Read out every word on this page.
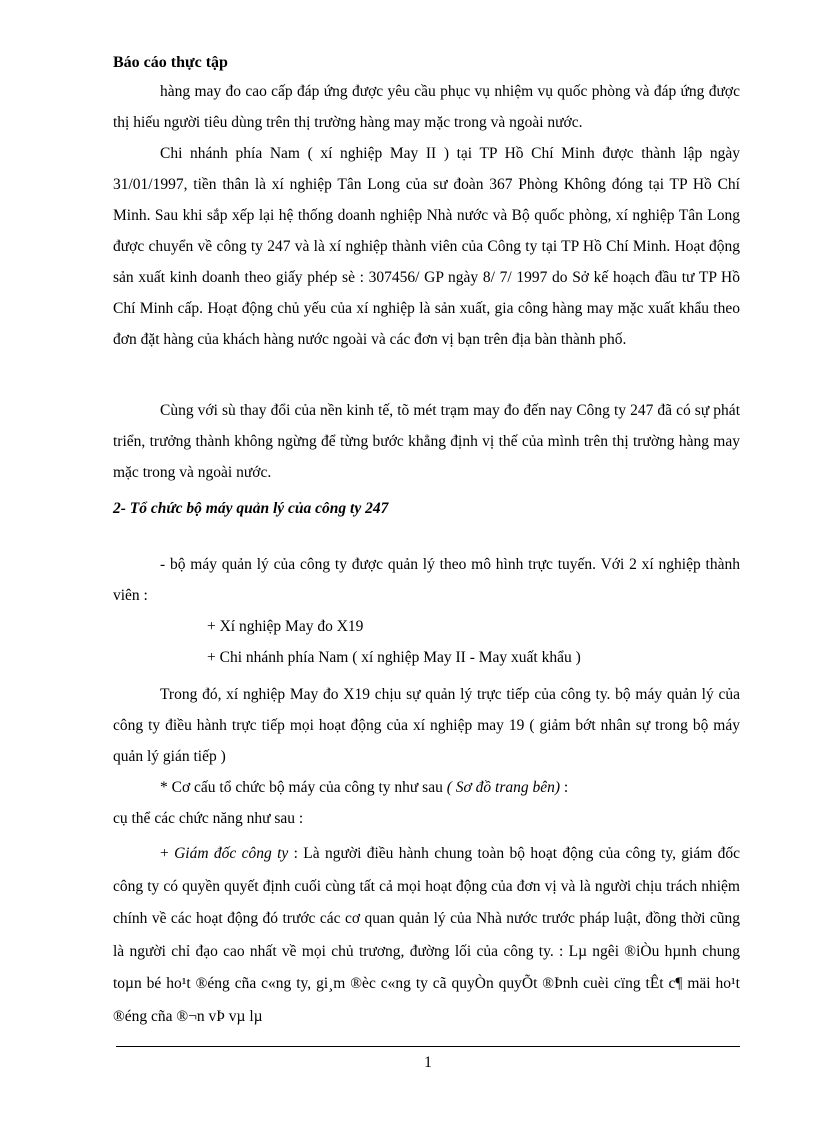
Báo cáo thực tập

hàng may đo cao cấp đáp ứng được yêu cầu phục vụ nhiệm vụ quốc phòng và đáp ứng được thị hiếu người tiêu dùng trên thị trường hàng may mặc trong và ngoài nước.

Chi nhánh phía Nam ( xí nghiệp May II ) tại TP Hồ Chí Minh được thành lập ngày 31/01/1997, tiền thân là xí nghiệp Tân Long của sư đoàn 367 Phòng Không đóng tại TP Hồ Chí Minh. Sau khi sắp xếp lại hệ thống doanh nghiệp Nhà nước và Bộ quốc phòng, xí nghiệp Tân Long được chuyển về công ty 247 và là xí nghiệp thành viên của Công ty tại TP Hồ Chí Minh. Hoạt động sản xuất kinh doanh theo giấy phép sè : 307456/ GP ngày 8/ 7/ 1997 do Sở kế hoạch đầu tư TP Hồ Chí Minh cấp. Hoạt động chủ yếu của xí nghiệp là sản xuất, gia công hàng may mặc xuất khẩu theo đơn đặt hàng của khách hàng nước ngoài và các đơn vị bạn trên địa bàn thành phố.

Cùng với sù thay đổi của nền kinh tế, tõ mét trạm may đo đến nay Công ty 247 đã có sự phát triển, trưởng thành không ngừng để từng bước khẳng định vị thế của mình trên thị trường hàng may mặc trong và ngoài nước.

2- Tổ chức bộ máy quản lý của công ty 247

- bộ máy quản lý của công ty được quản lý theo mô hình trực tuyến. Với 2 xí nghiệp thành viên :

+ Xí nghiệp May đo X19
+ Chi nhánh phía Nam ( xí nghiệp May II - May xuất khẩu )

Trong đó, xí nghiệp May đo X19 chịu sự quản lý trực tiếp của công ty. bộ máy quản lý của công ty điều hành trực tiếp mọi hoạt động của xí nghiệp may 19 ( giảm bớt nhân sự trong bộ máy quản lý gián tiếp )

* Cơ cấu tổ chức bộ máy của công ty như sau ( Sơ đồ trang bên) :

cụ thể các chức năng như sau :

+ Giám đốc công ty : Là người điều hành chung toàn bộ hoạt động của công ty, giám đốc công ty có quyền quyết định cuối cùng tất cả mọi hoạt động của đơn vị và là người chịu trách nhiệm chính về các hoạt động đó trước các cơ quan quản lý của Nhà nước trước pháp luật, đồng thời cũng là người chỉ đạo cao nhất về mọi chủ trương, đường lối của công ty. : Lµ ngêi ®iÒu hµnh chung toµn bé ho¹t ®éng cña c«ng ty, gi¸m ®èc c«ng ty cã quyÒn quyÕt ®Þnh cuèi cïng tÊt c¶ mäi ho¹t ®éng cña ®¬n vÞ vµ lµ

1
